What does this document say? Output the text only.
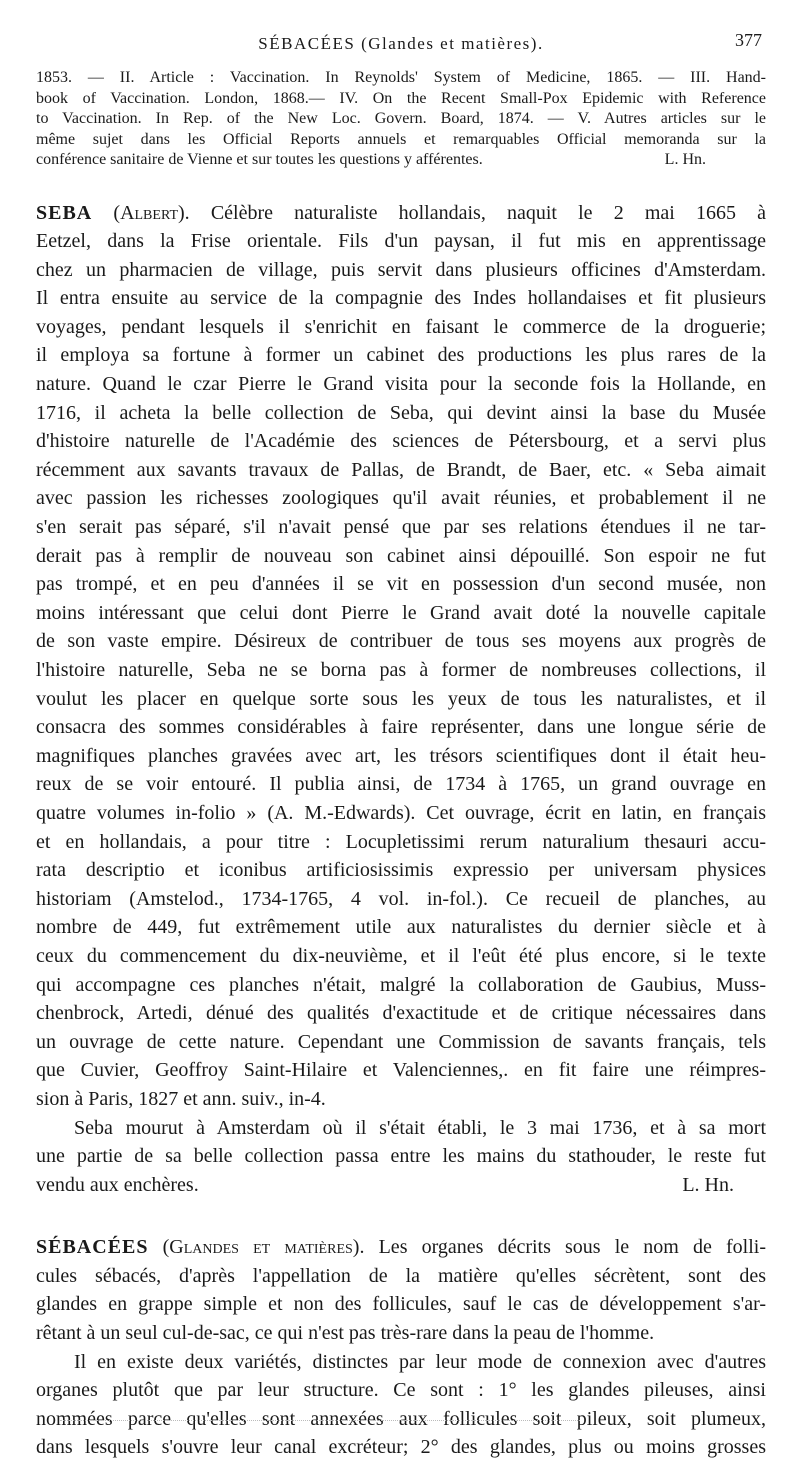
SÉBACÉES (Glandes et matières).	377
1853. — II. Article : Vaccination. In Reynolds' System of Medicine, 1865. — III. Hand-
book of Vaccination. London, 1868.— IV. On the Recent Small-Pox Epidemic with Reference
to Vaccination. In Rep. of the New Loc. Govern. Board, 1874. — V. Autres articles sur le
même sujet dans les Official Reports annuels et remarquables Official memoranda sur la
conférence sanitaire de Vienne et sur toutes les questions y afférentes.	L. Hn.
SEBA (Albert). Célèbre naturaliste hollandais, naquit le 2 mai 1665 à
Eetzel, dans la Frise orientale. Fils d'un paysan, il fut mis en apprentissage
chez un pharmacien de village, puis servit dans plusieurs officines d'Amsterdam.
Il entra ensuite au service de la compagnie des Indes hollandaises et fit plusieurs
voyages, pendant lesquels il s'enrichit en faisant le commerce de la droguerie;
il employa sa fortune à former un cabinet des productions les plus rares de la
nature. Quand le czar Pierre le Grand visita pour la seconde fois la Hollande, en
1716, il acheta la belle collection de Seba, qui devint ainsi la base du Musée
d'histoire naturelle de l'Académie des sciences de Pétersbourg, et a servi plus
récemment aux savants travaux de Pallas, de Brandt, de Baer, etc. « Seba aimait
avec passion les richesses zoologiques qu'il avait réunies, et probablement il ne
s'en serait pas séparé, s'il n'avait pensé que par ses relations étendues il ne tar-
derait pas à remplir de nouveau son cabinet ainsi dépouillé. Son espoir ne fut
pas trompé, et en peu d'années il se vit en possession d'un second musée, non
moins intéressant que celui dont Pierre le Grand avait doté la nouvelle capitale
de son vaste empire. Désireux de contribuer de tous ses moyens aux progrès de
l'histoire naturelle, Seba ne se borna pas à former de nombreuses collections, il
voulut les placer en quelque sorte sous les yeux de tous les naturalistes, et il
consacra des sommes considérables à faire représenter, dans une longue série de
magnifiques planches gravées avec art, les trésors scientifiques dont il était heu-
reux de se voir entouré. Il publia ainsi, de 1734 à 1765, un grand ouvrage en
quatre volumes in-folio » (A. M.-Edwards). Cet ouvrage, écrit en latin, en français
et en hollandais, a pour titre : Locupletissimi rerum naturalium thesauri accu-
rata descriptio et iconibus artificiosissimis expressio per universam physices
historiam (Amstelod., 1734-1765, 4 vol. in-fol.). Ce recueil de planches, au
nombre de 449, fut extrêmement utile aux naturalistes du dernier siècle et à
ceux du commencement du dix-neuvième, et il l'eût été plus encore, si le texte
qui accompagne ces planches n'était, malgré la collaboration de Gaubius, Muss-
chenbrock, Artedi, dénué des qualités d'exactitude et de critique nécessaires dans
un ouvrage de cette nature. Cependant une Commission de savants français, tels
que Cuvier, Geoffroy Saint-Hilaire et Valenciennes,. en fit faire une réimpres-
sion à Paris, 1827 et ann. suiv., in-4.
Seba mourut à Amsterdam où il s'était établi, le 3 mai 1736, et à sa mort
une partie de sa belle collection passa entre les mains du stathouder, le reste fut
vendu aux enchères.	L. Hn.
SÉBACÉES (Glandes et matières). Les organes décrits sous le nom de folli-
cules sébacés, d'après l'appellation de la matière qu'elles sécrètent, sont des
glandes en grappe simple et non des follicules, sauf le cas de développement s'ar-
rêtant à un seul cul-de-sac, ce qui n'est pas très-rare dans la peau de l'homme.
Il en existe deux variétés, distinctes par leur mode de connexion avec d'autres
organes plutôt que par leur structure. Ce sont : 1° les glandes pileuses, ainsi
nommées parce qu'elles sont annexées aux follicules soit pileux, soit plumeux,
dans lesquels s'ouvre leur canal excréteur; 2° des glandes, plus ou moins grosses
